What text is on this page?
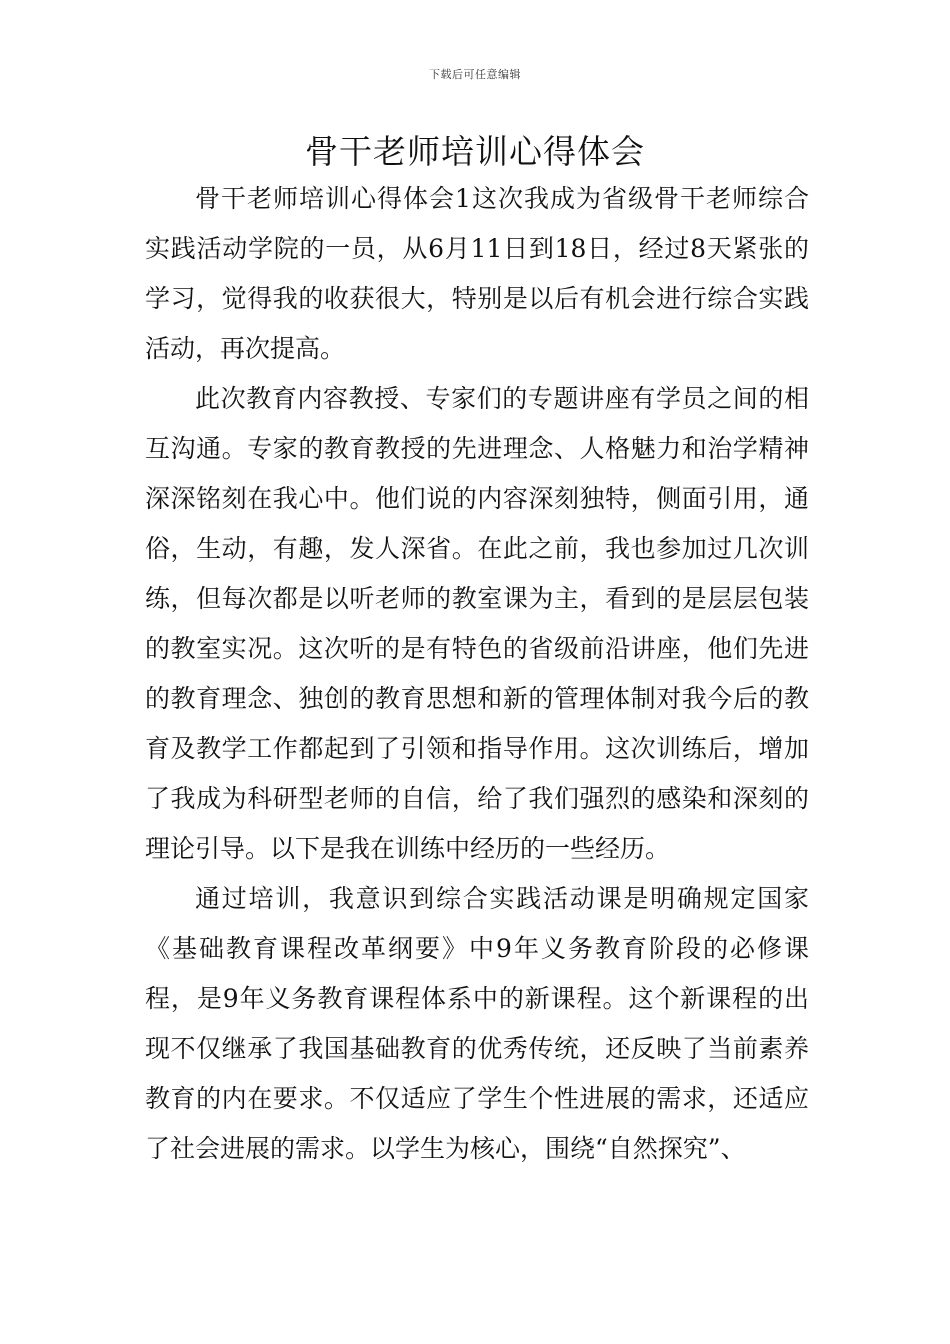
下载后可任意编辑
骨干老师培训心得体会

骨干老师培训心得体会1这次我成为省级骨干老师综合实践活动学院的一员，从6月11日到18日，经过8天紧张的学习，觉得我的收获很大，特别是以后有机会进行综合实践活动，再次提高。

此次教育内容教授、专家们的专题讲座有学员之间的相互沟通。专家的教育教授的先进理念、人格魅力和治学精神深深铭刻在我心中。他们说的内容深刻独特，侧面引用，通俗，生动，有趣，发人深省。在此之前，我也参加过几次训练，但每次都是以听老师的教室课为主，看到的是层层包装的教室实况。这次听的是有特色的省级前沿讲座，他们先进的教育理念、独创的教育思想和新的管理体制对我今后的教育及教学工作都起到了引领和指导作用。这次训练后，增加了我成为科研型老师的自信，给了我们强烈的感染和深刻的理论引导。以下是我在训练中经历的一些经历。

通过培训，我意识到综合实践活动课是明确规定国家《基础教育课程改革纲要》中9年义务教育阶段的必修课程，是9年义务教育课程体系中的新课程。这个新课程的出现不仅继承了我国基础教育的优秀传统，还反映了当前素养教育的内在要求。不仅适应了学生个性进展的需求，还适应了社会进展的需求。以学生为核心，围绕“自然探究”、
